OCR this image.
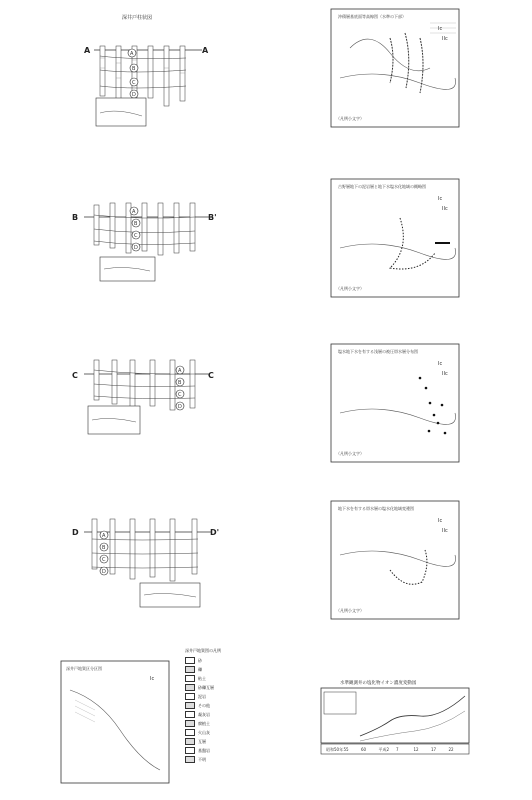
深井戸柱状図
A	A
A
B
C
D
B	B'
A
B
C
D
C	C
A
B
C
D
D	D'
A
B
C
D
沖積層基底面等高線図（水準の下部）
Ic
IIc
（凡例小文字）
古野層地下の泥岩層と地下水塩水化地域の概略図
Ic
IIc
（凡例小文字）
塩水地下水を有する浅層の被圧帯水層分布図
Ic
IIc
（凡例小文字）
地下水を有する帯水層の塩水化地域変遷図
Ic
IIc
（凡例小文字）
深井戸地質区分区図
Ic
深井戸地質図の凡例
砂
礫
粘土
砂礫互層
泥岩
その他
凝灰岩
腐植土
火山灰
互層
基盤岩
不明
水準観測井の塩化物イオン濃度変動図
昭和50年 55	60	平成2 7	12	17	22
